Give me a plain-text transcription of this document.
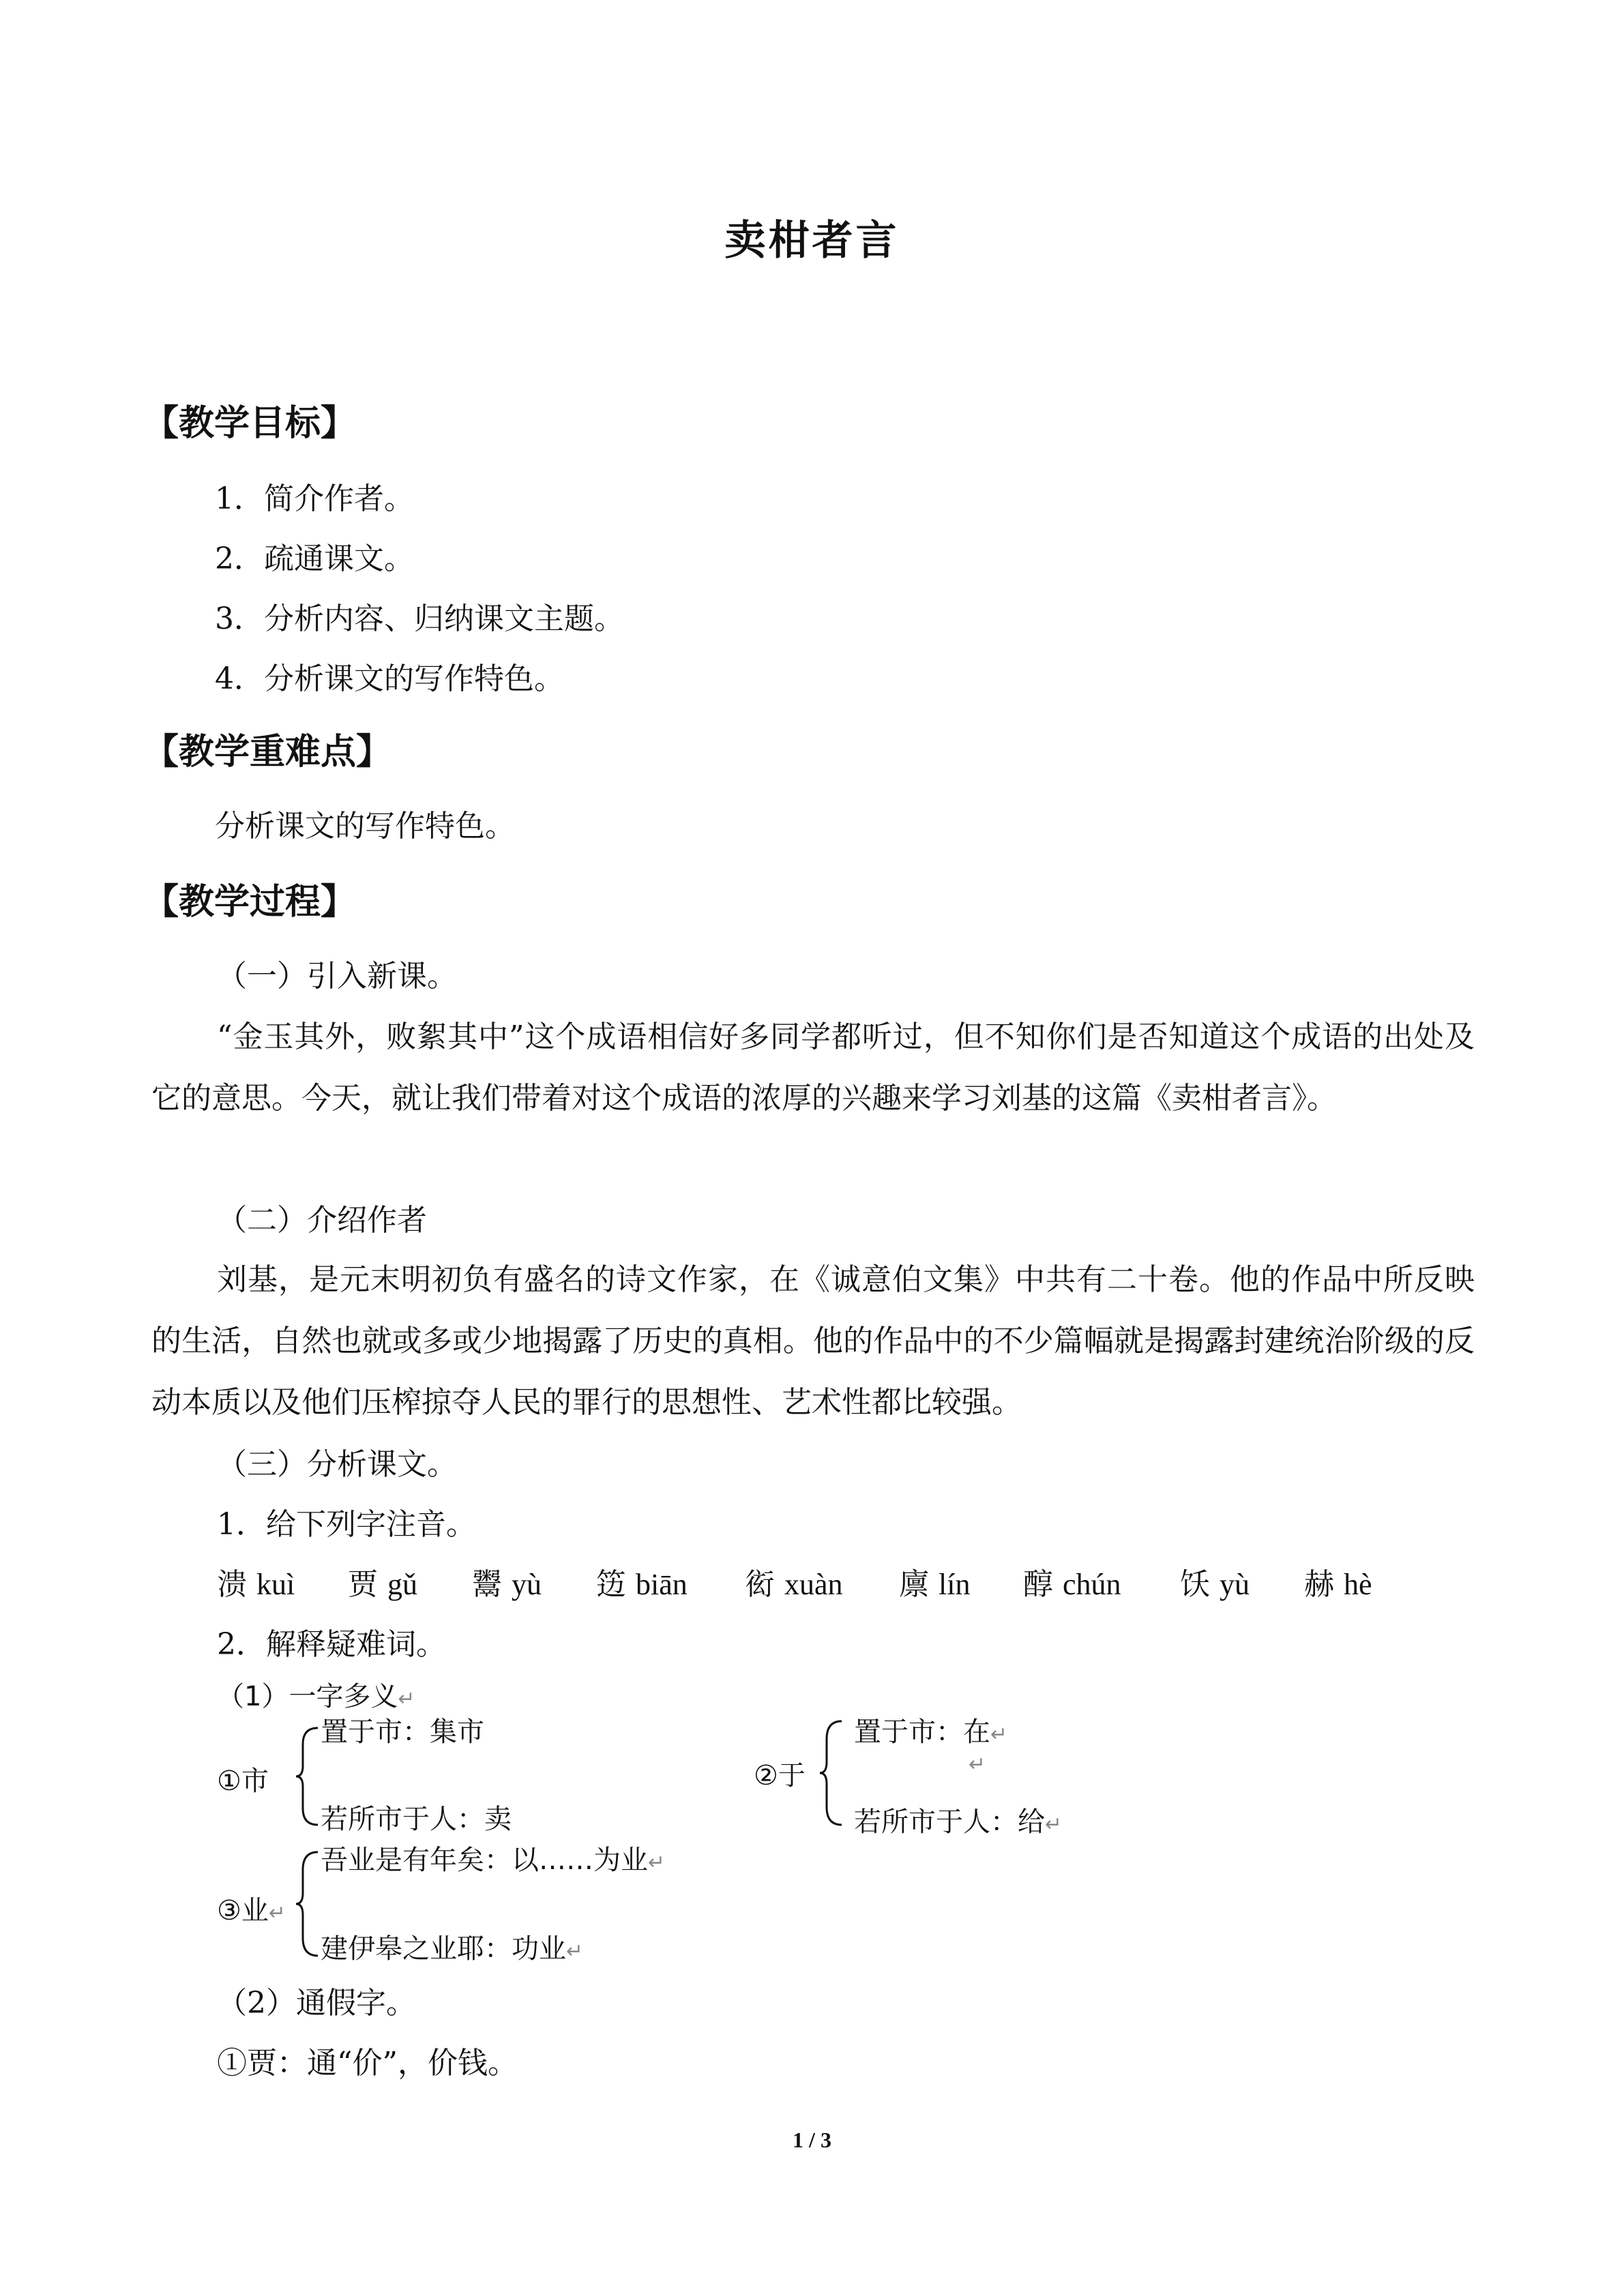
卖柑者言
【教学目标】
1．简介作者。
2．疏通课文。
3．分析内容、归纳课文主题。
4．分析课文的写作特色。
【教学重难点】
分析课文的写作特色。
【教学过程】
（一）引入新课。
“金玉其外，败絮其中”这个成语相信好多同学都听过，但不知你们是否知道这个成语的出处及它的意思。今天，就让我们带着对这个成语的浓厚的兴趣来学习刘基的这篇《卖柑者言》。
（二）介绍作者
刘基，是元末明初负有盛名的诗文作家，在《诚意伯文集》中共有二十卷。他的作品中所反映的生活，自然也就或多或少地揭露了历史的真相。他的作品中的不少篇幅就是揭露封建统治阶级的反动本质以及他们压榨掠夺人民的罪行的思想性、艺术性都比较强。
（三）分析课文。
1．给下列字注音。
溃 kuì 贾 gǔ 鬻 yù 笾 biān 衒 xuàn 廪 lín 醇 chún 饫 yù 赫 hè
2．解释疑难词。
（1）一字多义↵
①市
置于市：集市
若所市于人：卖
②于
置于市：在↵
↵
若所市于人：给↵
③业↵
吾业是有年矣：以……为业↵
建伊皋之业耶：功业↵
（2）通假字。
①贾：通“价”，价钱。
1 / 3
